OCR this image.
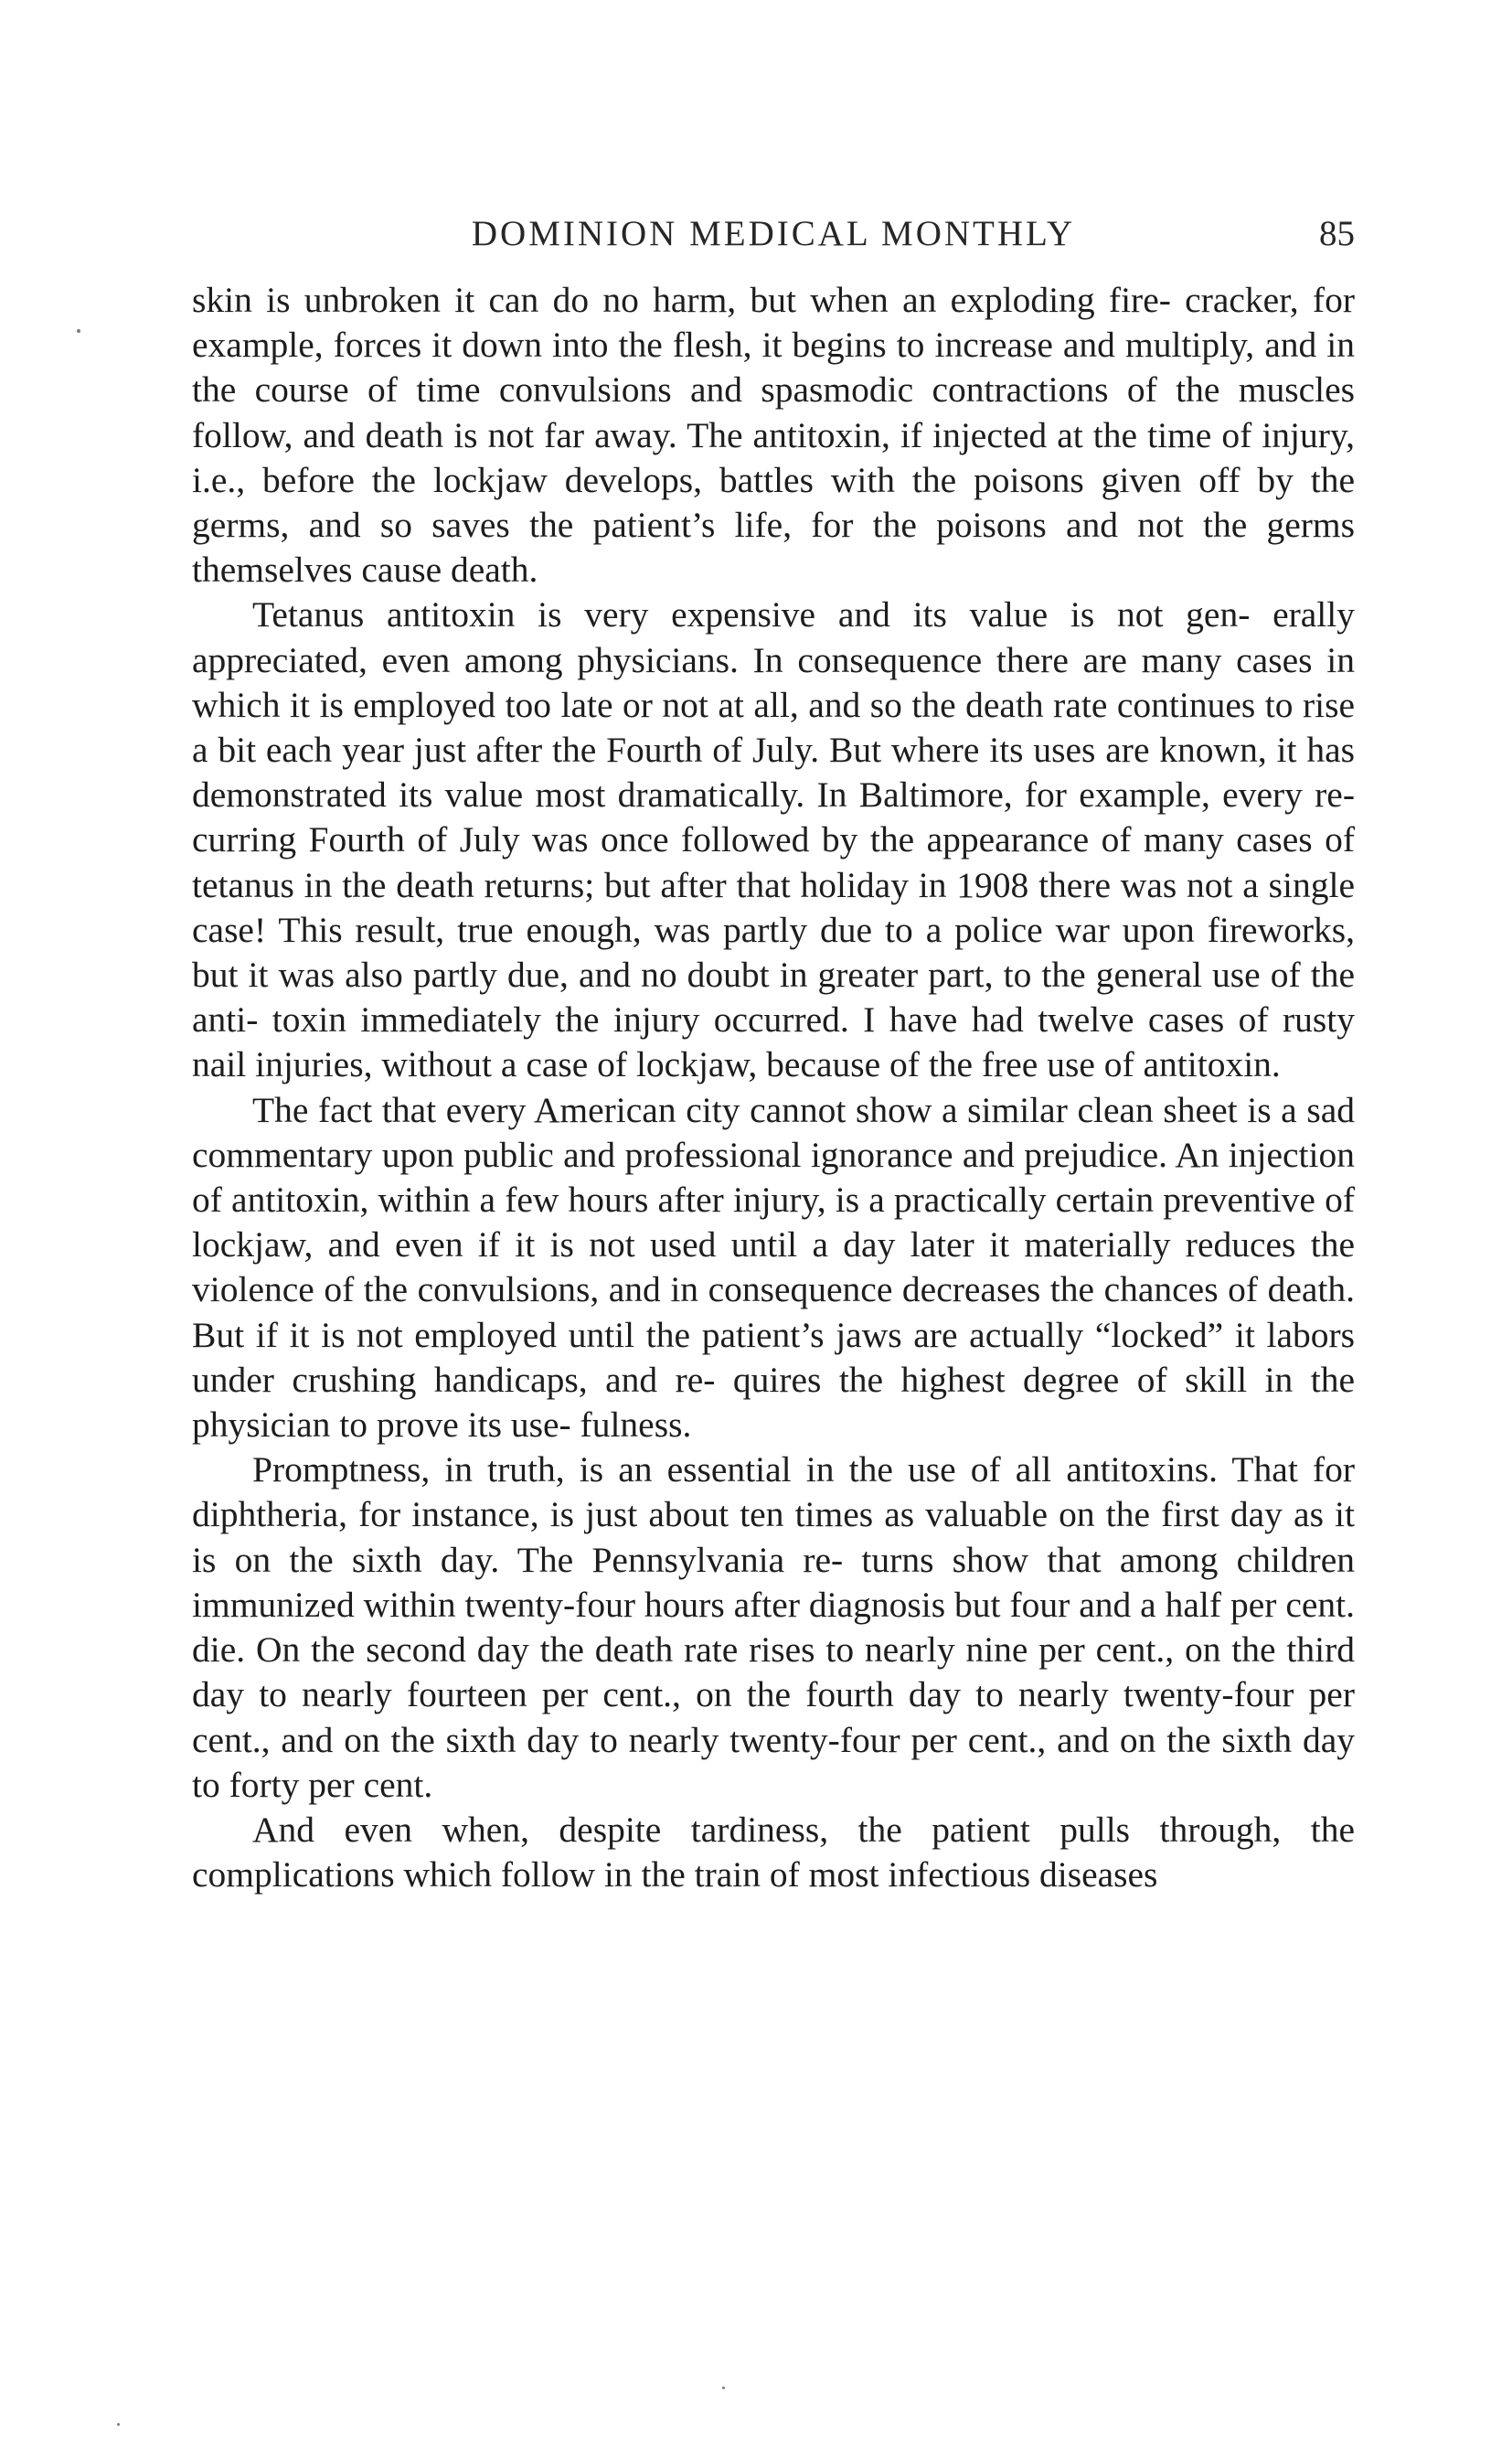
DOMINION MEDICAL MONTHLY	85

skin is unbroken it can do no harm, but when an exploding fire- cracker, for example, forces it down into the flesh, it begins to increase and multiply, and in the course of time convulsions and spasmodic contractions of the muscles follow, and death is not far away. The antitoxin, if injected at the time of injury, i.e., before the lockjaw develops, battles with the poisons given off by the germs, and so saves the patient’s life, for the poisons and not the germs themselves cause death.

Tetanus antitoxin is very expensive and its value is not gen- erally appreciated, even among physicians. In consequence there are many cases in which it is employed too late or not at all, and so the death rate continues to rise a bit each year just after the Fourth of July. But where its uses are known, it has demonstrated its value most dramatically. In Baltimore, for example, every re- curring Fourth of July was once followed by the appearance of many cases of tetanus in the death returns; but after that holiday in 1908 there was not a single case! This result, true enough, was partly due to a police war upon fireworks, but it was also partly due, and no doubt in greater part, to the general use of the anti- toxin immediately the injury occurred. I have had twelve cases of rusty nail injuries, without a case of lockjaw, because of the free use of antitoxin.

The fact that every American city cannot show a similar clean sheet is a sad commentary upon public and professional ignorance and prejudice. An injection of antitoxin, within a few hours after injury, is a practically certain preventive of lockjaw, and even if it is not used until a day later it materially reduces the violence of the convulsions, and in consequence decreases the chances of death. But if it is not employed until the patient’s jaws are actually “locked” it labors under crushing handicaps, and re- quires the highest degree of skill in the physician to prove its use- fulness.

Promptness, in truth, is an essential in the use of all antitoxins. That for diphtheria, for instance, is just about ten times as valuable on the first day as it is on the sixth day. The Pennsylvania re- turns show that among children immunized within twenty-four hours after diagnosis but four and a half per cent. die. On the second day the death rate rises to nearly nine per cent., on the third day to nearly fourteen per cent., on the fourth day to nearly twenty-four per cent., and on the sixth day to nearly twenty-four per cent., and on the sixth day to forty per cent.

And even when, despite tardiness, the patient pulls through, the complications which follow in the train of most infectious diseases
